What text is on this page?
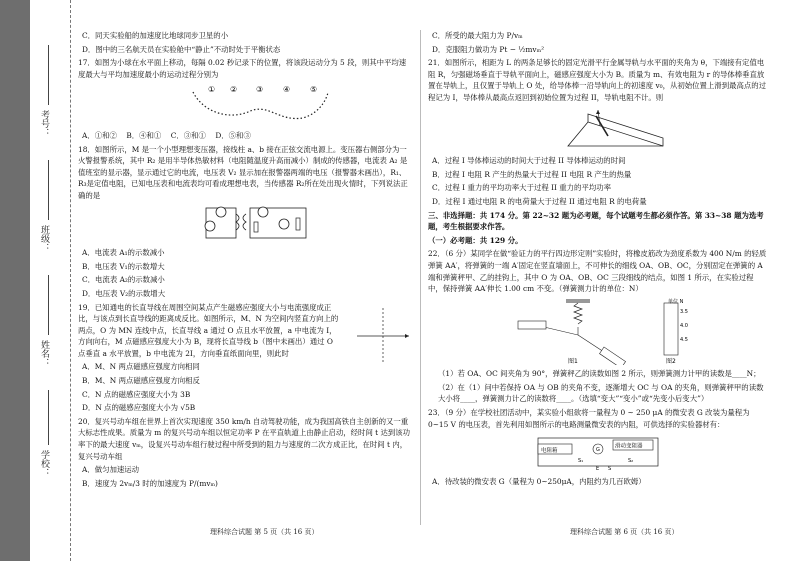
学校：
姓名：
班级：
考号：

C．同天实验船的加速度比地球同步卫星的小

D．图中的三名航天员在实验舱中“静止”不动时处于平衡状态

17．如图为小球在水平面上移动，每隔 0.02 秒记录下的位置，将该段运动分为 5 段，则其中平均速度最大与平均加速度最小的运动过程分别为

① ② ③ ④ ⑤

A．①和② B．④和① C．③和① D．⑤和③

18．如图所示，M 是一个小型理想变压器，接线柱 a、b 接在正弦交流电源上。变压器右侧部分为一火警报警系统，其中 R₂ 是用半导体热敏材料（电阻随温度升高而减小）制成的传感器，电流表 A₂ 是值班室的显示器，显示通过它的电流，电压表 V₂ 显示加在报警器两端的电压（报警器未画出），R₁、R₃是定值电阻，已知电压表和电流表均可看成理想电表，当传感器 R₂所在处出现火情时，下列说法正确的是

A．电流表 A₁的示数减小

B．电压表 V₁的示数增大

C．电流表 A₂的示数减小

D．电压表 V₂的示数增大

19．已知通电的长直导线在周围空间某点产生磁感应强度大小与电流强度成正比，与该点到长直导线的距离成反比。如图所示，M、N 为空间内竖直方向上的两点，O 为 MN 连线中点，长直导线 a 通过 O 点且水平放置，a 中电流为 I，方向向右，M 点磁感应强度大小为 B，现将长直导线 b（图中未画出）通过 O 点垂直 a 水平放置，b 中电流为 2I，方向垂直纸面向里，则此时

A．M、N 两点磁感应强度方向相同

B．M、N 两点磁感应强度方向相反

C．N 点的磁感应强度大小为 3B

D．N 点的磁感应强度大小为 √5B

20．复兴号动车组在世界上首次实现速度 350 km/h 自动驾驶功能，成为我国高铁自主创新的又一重大标志性成果。质量为 m 的复兴号动车组以恒定功率 P 在平直轨道上由静止启动，经时间 t 达到该功率下的最大速度 vₘ，设复兴号动车组行驶过程中所受到的阻力与速度的二次方成正比，在时间 t 内，复兴号动车组

A．做匀加速运动

B．速度为 2vₘ/3 时的加速度为 P/(mvₘ)

理科综合试题 第 5 页（共 16 页）

C．所受的最大阻力为 P/vₘ

D．克服阻力做功为 Pt − ½mvₘ²

21．如图所示，相距为 L 的两条足够长的固定光滑平行金属导轨与水平面的夹角为 θ，下端接有定值电阻 R，匀强磁场垂直于导轨平面向上，磁感应强度大小为 B。质量为 m、有效电阻为 r 的导体棒垂直放置在导轨上，且仅置于导轨上 O 处，给导体棒一沿导轨向上的初速度 v₀，从初始位置上滑到最高点的过程记为 I，导体棒从最高点返回到初始位置为过程 II，导轨电阻不计。则

A．过程 I 导体棒运动的时间大于过程 II 导体棒运动的时间

B．过程 I 电阻 R 产生的热量大于过程 II 电阻 R 产生的热量

C．过程 I 重力的平均功率大于过程 II 重力的平均功率

D．过程 I 通过电阻 R 的电荷量大于过程 II 通过电阻 R 的电荷量

三、非选择题：共 174 分。第 22~32 题为必考题，每个试题考生都必须作答。第 33~38 题为选考题，考生根据要求作答。

（一）必考题：共 129 分。

22．（6 分）某同学在做“验证力的平行四边形定则”实验时，将橡皮筋改为劲度系数为 400 N/m 的轻质弹簧 AA′，将弹簧的一端 A′固定在竖直墙面上，不可伸长的细线 OA、OB、OC，分别固定在弹簧的 A 端和弹簧秤甲、乙的挂钩上，其中 O 为 OA、OB、OC 三段细线的结点，如图 1 所示，在实验过程中，保持弹簧 AA′伸长 1.00 cm 不变。（弹簧测力计的单位：N）

图1
单位 N
3.5
4.0
4.5
图2

（1）若 OA、OC 间夹角为 90°，弹簧秤乙的读数如图 2 所示，则弹簧测力计甲的读数是____N；

（2）在（1）问中若保持 OA 与 OB 的夹角不变，逐渐增大 OC 与 OA 的夹角，则弹簧秤甲的读数大小将____，弹簧测力计乙的读数将____。（选填“变大”“变小”或“先变小后变大”）

23．（9 分）在学校社团活动中，某实验小组欲将一量程为 0 ~ 250 μA 的微安表 G 改装为量程为 0~15 V 的电压表，首先利用如图所示的电路测量微安表的内阻，可供选择的实验器材有：

电阻箱	G
滑动变阻器
S₂
S₁
E S

A．待改装的微安表 G（量程为 0~250μA，内阻约为几百欧姆）

理科综合试题 第 6 页（共 16 页）
